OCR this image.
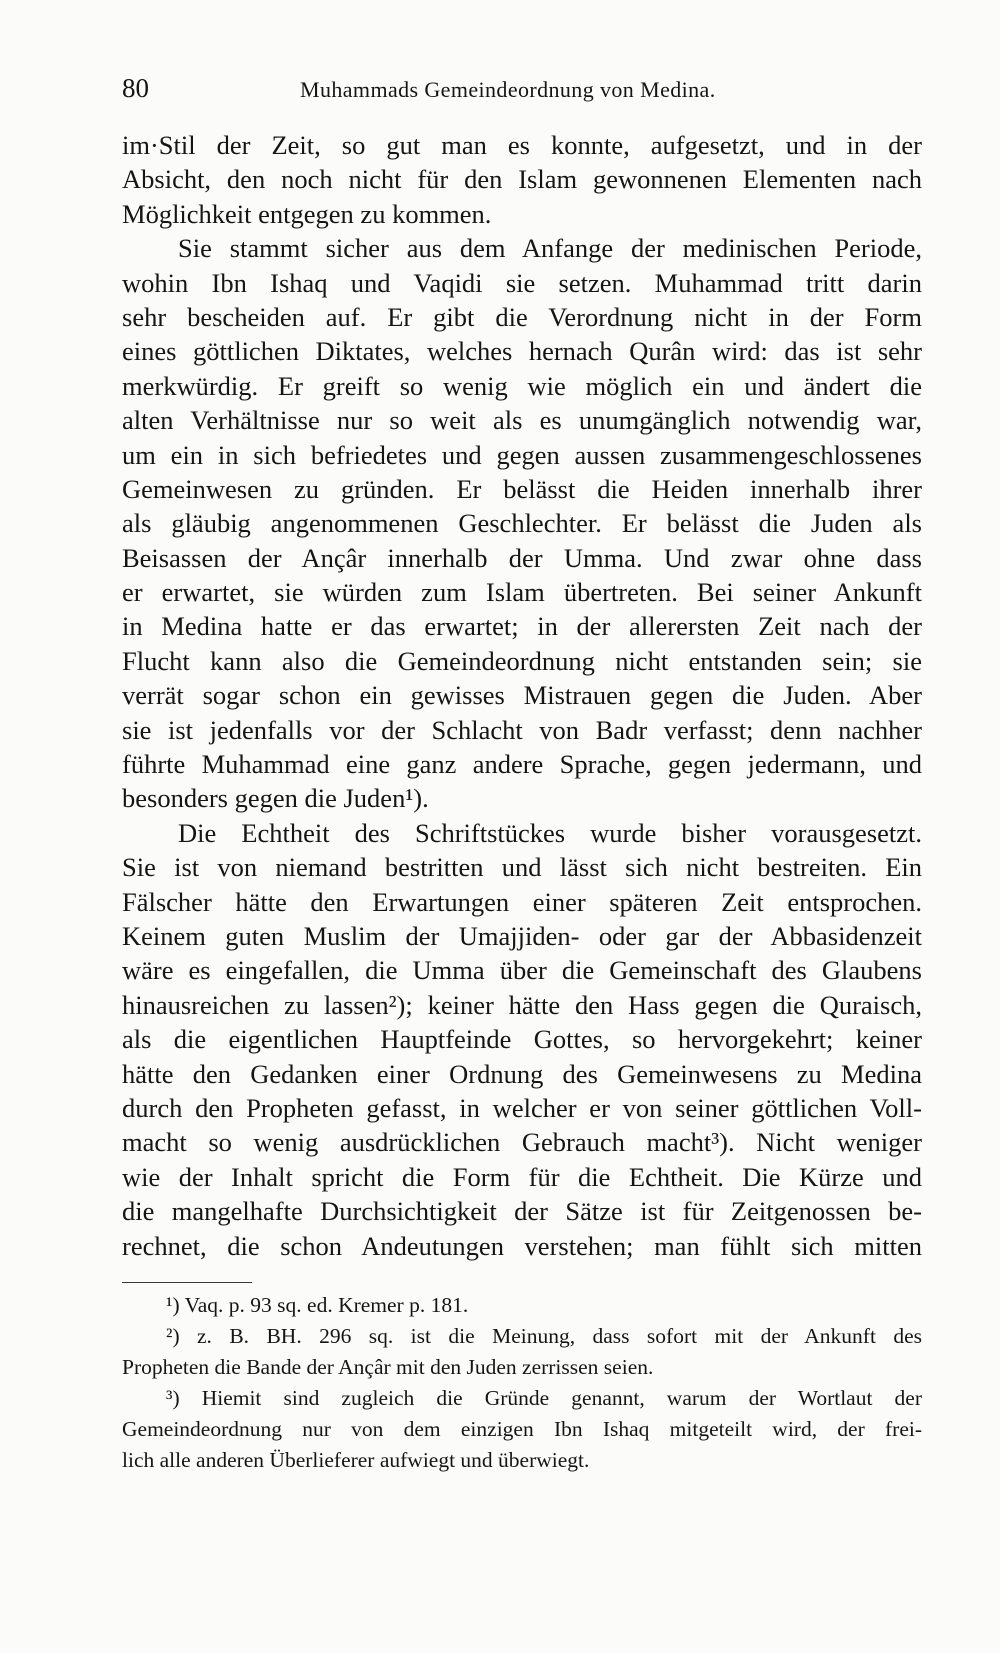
80	Muhammads Gemeindeordnung von Medina.
im·Stil der Zeit, so gut man es konnte, aufgesetzt, und in der
Absicht, den noch nicht für den Islam gewonnenen Elementen nach
Möglichkeit entgegen zu kommen.
Sie stammt sicher aus dem Anfange der medinischen Periode,
wohin Ibn Ishaq und Vaqidi sie setzen. Muhammad tritt darin
sehr bescheiden auf. Er gibt die Verordnung nicht in der Form
eines göttlichen Diktates, welches hernach Qurân wird: das ist sehr
merkwürdig. Er greift so wenig wie möglich ein und ändert die
alten Verhältnisse nur so weit als es unumgänglich notwendig war,
um ein in sich befriedetes und gegen aussen zusammengeschlossenes
Gemeinwesen zu gründen. Er belässt die Heiden innerhalb ihrer
als gläubig angenommenen Geschlechter. Er belässt die Juden als
Beisassen der Ançâr innerhalb der Umma. Und zwar ohne dass
er erwartet, sie würden zum Islam übertreten. Bei seiner Ankunft
in Medina hatte er das erwartet; in der allerersten Zeit nach der
Flucht kann also die Gemeindeordnung nicht entstanden sein; sie
verrät sogar schon ein gewisses Mistrauen gegen die Juden. Aber
sie ist jedenfalls vor der Schlacht von Badr verfasst; denn nachher
führte Muhammad eine ganz andere Sprache, gegen jedermann, und
besonders gegen die Juden¹).
Die Echtheit des Schriftstückes wurde bisher vorausgesetzt.
Sie ist von niemand bestritten und lässt sich nicht bestreiten. Ein
Fälscher hätte den Erwartungen einer späteren Zeit entsprochen.
Keinem guten Muslim der Umajjiden- oder gar der Abbasidenzeit
wäre es eingefallen, die Umma über die Gemeinschaft des Glaubens
hinausreichen zu lassen²); keiner hätte den Hass gegen die Quraisch,
als die eigentlichen Hauptfeinde Gottes, so hervorgekehrt; keiner
hätte den Gedanken einer Ordnung des Gemeinwesens zu Medina
durch den Propheten gefasst, in welcher er von seiner göttlichen Voll-
macht so wenig ausdrücklichen Gebrauch macht³). Nicht weniger
wie der Inhalt spricht die Form für die Echtheit. Die Kürze und
die mangelhafte Durchsichtigkeit der Sätze ist für Zeitgenossen be-
rechnet, die schon Andeutungen verstehen; man fühlt sich mitten
¹) Vaq. p. 93 sq. ed. Kremer p. 181.
²) z. B. BH. 296 sq. ist die Meinung, dass sofort mit der Ankunft des
Propheten die Bande der Ançâr mit den Juden zerrissen seien.
³) Hiemit sind zugleich die Gründe genannt, warum der Wortlaut der
Gemeindeordnung nur von dem einzigen Ibn Ishaq mitgeteilt wird, der frei-
lich alle anderen Überlieferer aufwiegt und überwiegt.
